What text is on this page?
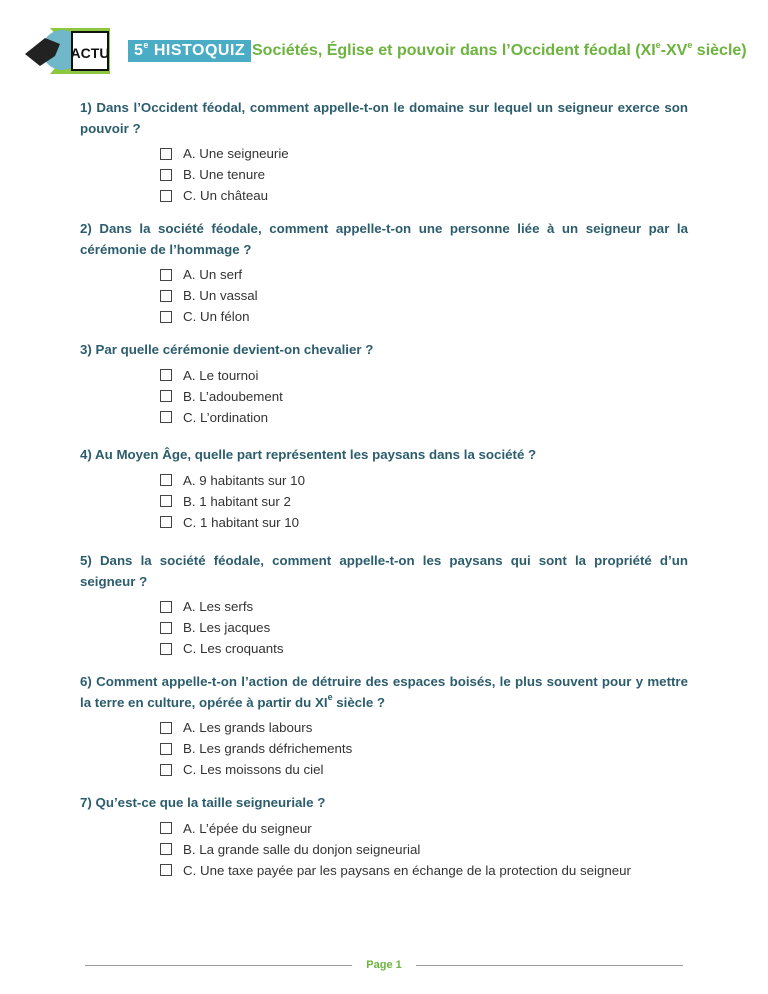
ACTU	5e HISTOQUIZ Sociétés, Église et pouvoir dans l’Occident féodal (XIe-XVe siècle)

1) Dans l’Occident féodal, comment appelle-t-on le domaine sur lequel un seigneur exerce son pouvoir ?

A. Une seigneurie
B. Une tenure
C. Un château

2) Dans la société féodale, comment appelle-t-on une personne liée à un seigneur par la cérémonie de l’hommage ?

A. Un serf
B. Un vassal
C. Un félon

3) Par quelle cérémonie devient-on chevalier ?

A. Le tournoi
B. L’adoubement
C. L’ordination

4) Au Moyen Âge, quelle part représentent les paysans dans la société ?

A. 9 habitants sur 10
B. 1 habitant sur 2
C. 1 habitant sur 10

5) Dans la société féodale, comment appelle-t-on les paysans qui sont la propriété d’un seigneur ?

A. Les serfs
B. Les jacques
C. Les croquants

6) Comment appelle-t-on l’action de détruire des espaces boisés, le plus souvent pour y mettre la terre en culture, opérée à partir du XIe siècle ?

A. Les grands labours
B. Les grands défrichements
C. Les moissons du ciel

7) Qu’est-ce que la taille seigneuriale ?

A. L’épée du seigneur
B. La grande salle du donjon seigneurial
C. Une taxe payée par les paysans en échange de la protection du seigneur
Page 1
